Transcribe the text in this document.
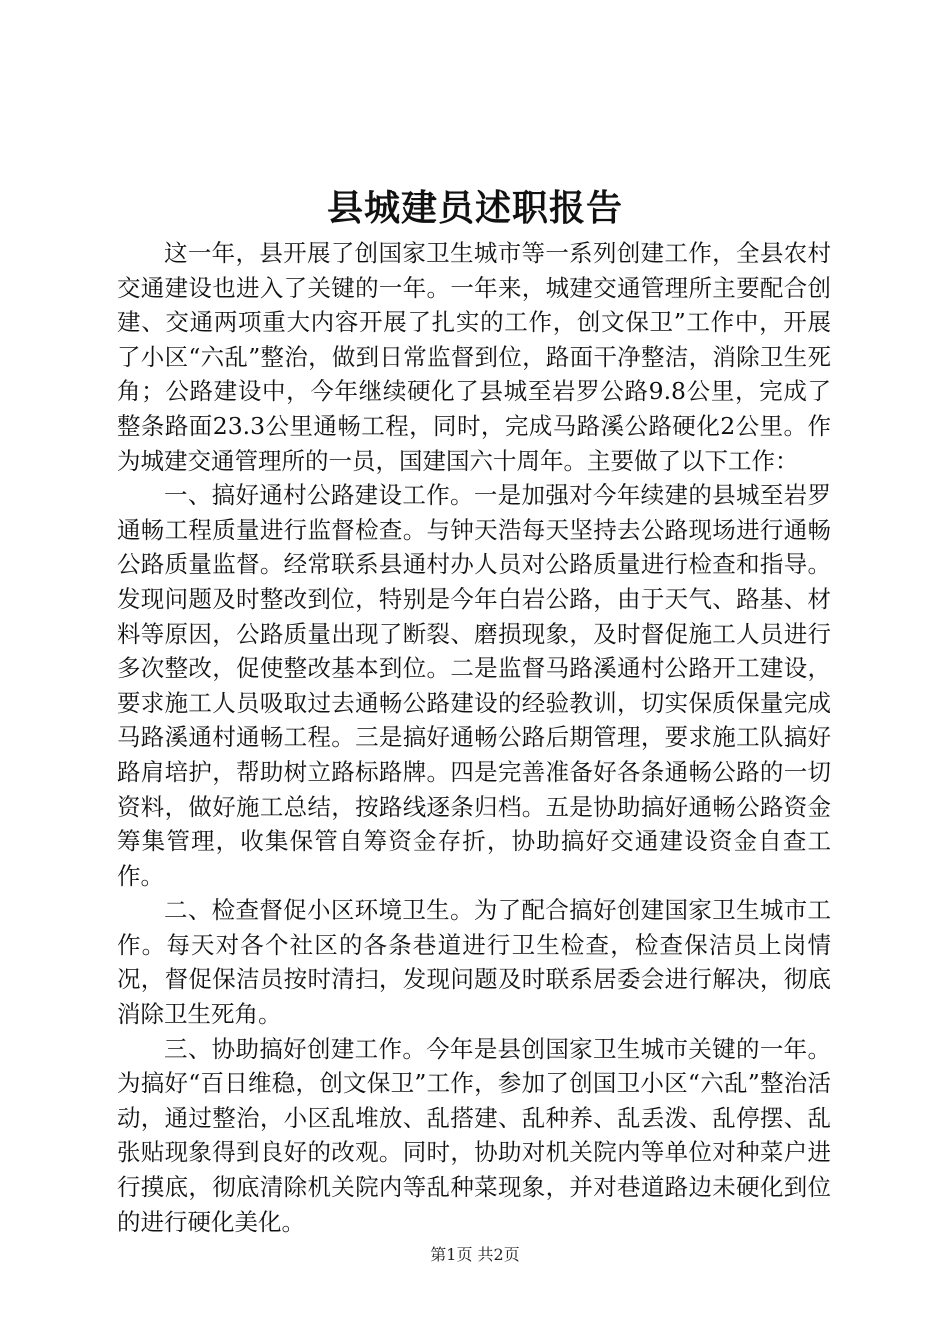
县城建员述职报告

这一年，县开展了创国家卫生城市等一系列创建工作，全县农村交通建设也进入了关键的一年。一年来，城建交通管理所主要配合创建、交通两项重大内容开展了扎实的工作，创文保卫”工作中，开展了小区“六乱”整治，做到日常监督到位，路面干净整洁，消除卫生死角；公路建设中，今年继续硬化了县城至岩罗公路9.8公里，完成了整条路面23.3公里通畅工程，同时，完成马路溪公路硬化2公里。作为城建交通管理所的一员，国建国六十周年。主要做了以下工作：

一、搞好通村公路建设工作。一是加强对今年续建的县城至岩罗通畅工程质量进行监督检查。与钟天浩每天坚持去公路现场进行通畅公路质量监督。经常联系县通村办人员对公路质量进行检查和指导。发现问题及时整改到位，特别是今年白岩公路，由于天气、路基、材料等原因，公路质量出现了断裂、磨损现象，及时督促施工人员进行多次整改，促使整改基本到位。二是监督马路溪通村公路开工建设，要求施工人员吸取过去通畅公路建设的经验教训，切实保质保量完成马路溪通村通畅工程。三是搞好通畅公路后期管理，要求施工队搞好路肩培护，帮助树立路标路牌。四是完善准备好各条通畅公路的一切资料，做好施工总结，按路线逐条归档。五是协助搞好通畅公路资金筹集管理，收集保管自筹资金存折，协助搞好交通建设资金自查工作。

二、检查督促小区环境卫生。为了配合搞好创建国家卫生城市工作。每天对各个社区的各条巷道进行卫生检查，检查保洁员上岗情况，督促保洁员按时清扫，发现问题及时联系居委会进行解决，彻底消除卫生死角。

三、协助搞好创建工作。今年是县创国家卫生城市关键的一年。为搞好“百日维稳，创文保卫”工作，参加了创国卫小区“六乱”整治活动，通过整治，小区乱堆放、乱搭建、乱种养、乱丢泼、乱停摆、乱张贴现象得到良好的改观。同时，协助对机关院内等单位对种菜户进行摸底，彻底清除机关院内等乱种菜现象，并对巷道路边未硬化到位的进行硬化美化。

第1页 共2页
